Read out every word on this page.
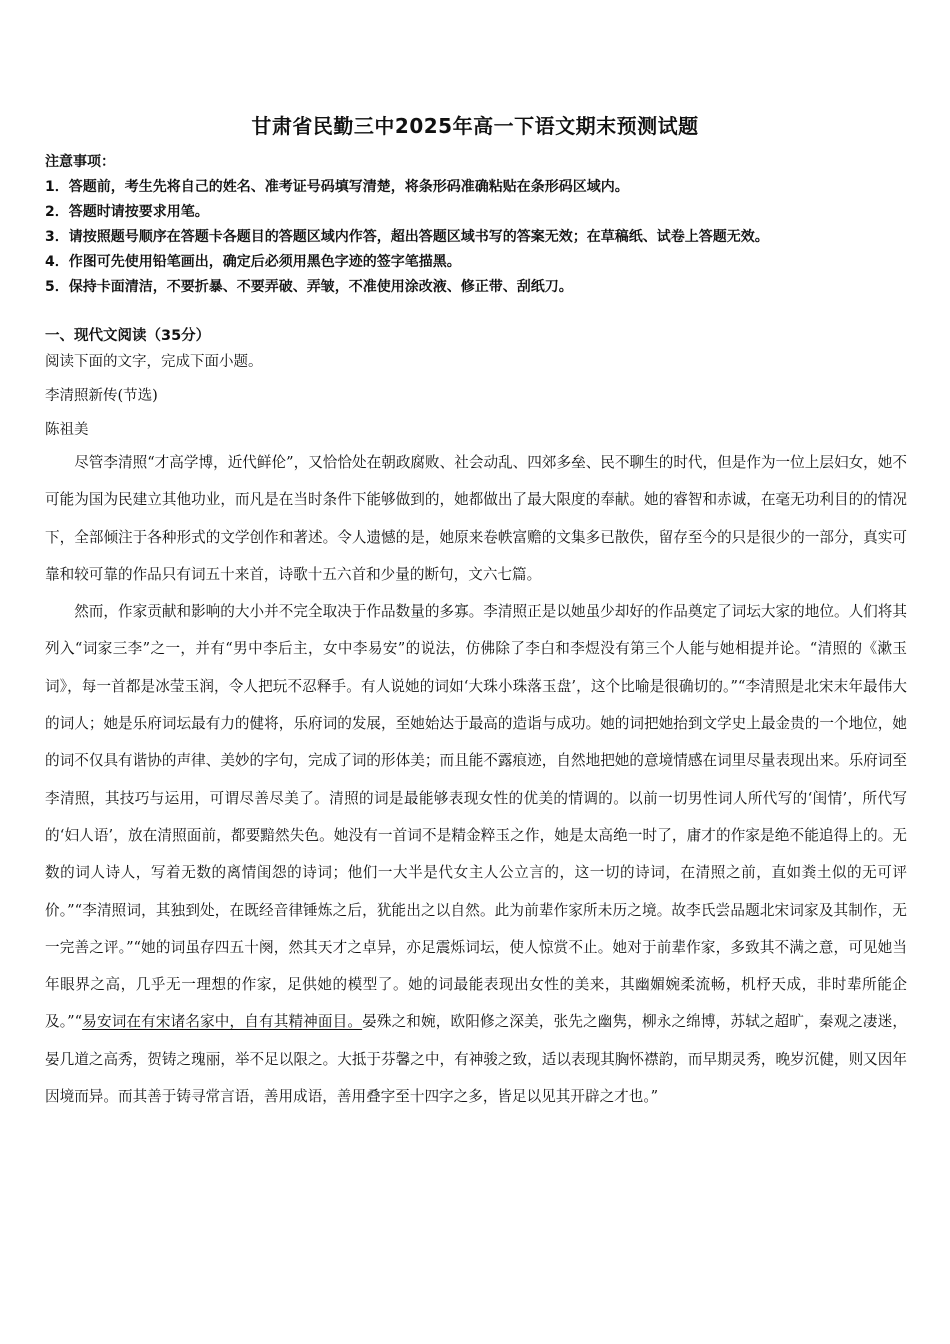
甘肃省民勤三中2025年高一下语文期末预测试题
注意事项：
1．答题前，考生先将自己的姓名、准考证号码填写清楚，将条形码准确粘贴在条形码区域内。
2．答题时请按要求用笔。
3．请按照题号顺序在答题卡各题目的答题区域内作答，超出答题区域书写的答案无效；在草稿纸、试卷上答题无效。
4．作图可先使用铅笔画出，确定后必须用黑色字迹的签字笔描黑。
5．保持卡面清洁，不要折暴、不要弄破、弄皱，不准使用涂改液、修正带、刮纸刀。
一、现代文阅读（35分）
阅读下面的文字，完成下面小题。
李清照新传(节选)
陈祖美

尽管李清照“才高学博，近代鲜伦”，又恰恰处在朝政腐败、社会动乱、四郊多垒、民不聊生的时代，但是作为一位上层妇女，她不可能为国为民建立其他功业，而凡是在当时条件下能够做到的，她都做出了最大限度的奉献。她的睿智和赤诚，在毫无功利目的的情况下，全部倾注于各种形式的文学创作和著述。令人遗憾的是，她原来卷帙富赡的文集多已散佚，留存至今的只是很少的一部分，真实可靠和较可靠的作品只有词五十来首，诗歌十五六首和少量的断句，文六七篇。

然而，作家贡献和影响的大小并不完全取决于作品数量的多寡。李清照正是以她虽少却好的作品奠定了词坛大家的地位。人们将其列入“词家三李”之一，并有“男中李后主，女中李易安”的说法，仿佛除了李白和李煜没有第三个人能与她相提并论。“清照的《漱玉词》，每一首都是冰莹玉润，令人把玩不忍释手。有人说她的词如‘大珠小珠落玉盘’，这个比喻是很确切的。”“李清照是北宋末年最伟大的词人；她是乐府词坛最有力的健将，乐府词的发展，至她始达于最高的造诣与成功。她的词把她抬到文学史上最金贵的一个地位，她的词不仅具有谐协的声律、美妙的字句，完成了词的形体美；而且能不露痕迹，自然地把她的意境情感在词里尽量表现出来。乐府词至李清照，其技巧与运用，可谓尽善尽美了。清照的词是最能够表现女性的优美的情调的。以前一切男性词人所代写的‘闺情’，所代写的‘妇人语’，放在清照面前，都要黯然失色。她没有一首词不是精金粹玉之作，她是太高绝一时了，庸才的作家是绝不能追得上的。无数的词人诗人，写着无数的离情闺怨的诗词；他们一大半是代女主人公立言的，这一切的诗词，在清照之前，直如粪土似的无可评价。”“李清照词，其独到处，在既经音律锤炼之后，犹能出之以自然。此为前辈作家所未历之境。故李氏尝品题北宋词家及其制作，无一完善之评。”“她的词虽存四五十阕，然其天才之卓异，亦足震烁词坛，使人惊赏不止。她对于前辈作家，多致其不满之意，可见她当年眼界之高，几乎无一理想的作家，足供她的模型了。她的词最能表现出女性的美来，其幽媚婉柔流畅，机杼天成，非时辈所能企及。”“易安词在有宋诸名家中，自有其精神面目。晏殊之和婉，欧阳修之深美，张先之幽隽，柳永之绵博，苏轼之超旷，秦观之凄迷，晏几道之高秀，贺铸之瑰丽，举不足以限之。大抵于芬馨之中，有神骏之致，适以表现其胸怀襟韵，而早期灵秀，晚岁沉健，则又因年因境而异。而其善于铸寻常言语，善用成语，善用叠字至十四字之多，皆足以见其开辟之才也。”
